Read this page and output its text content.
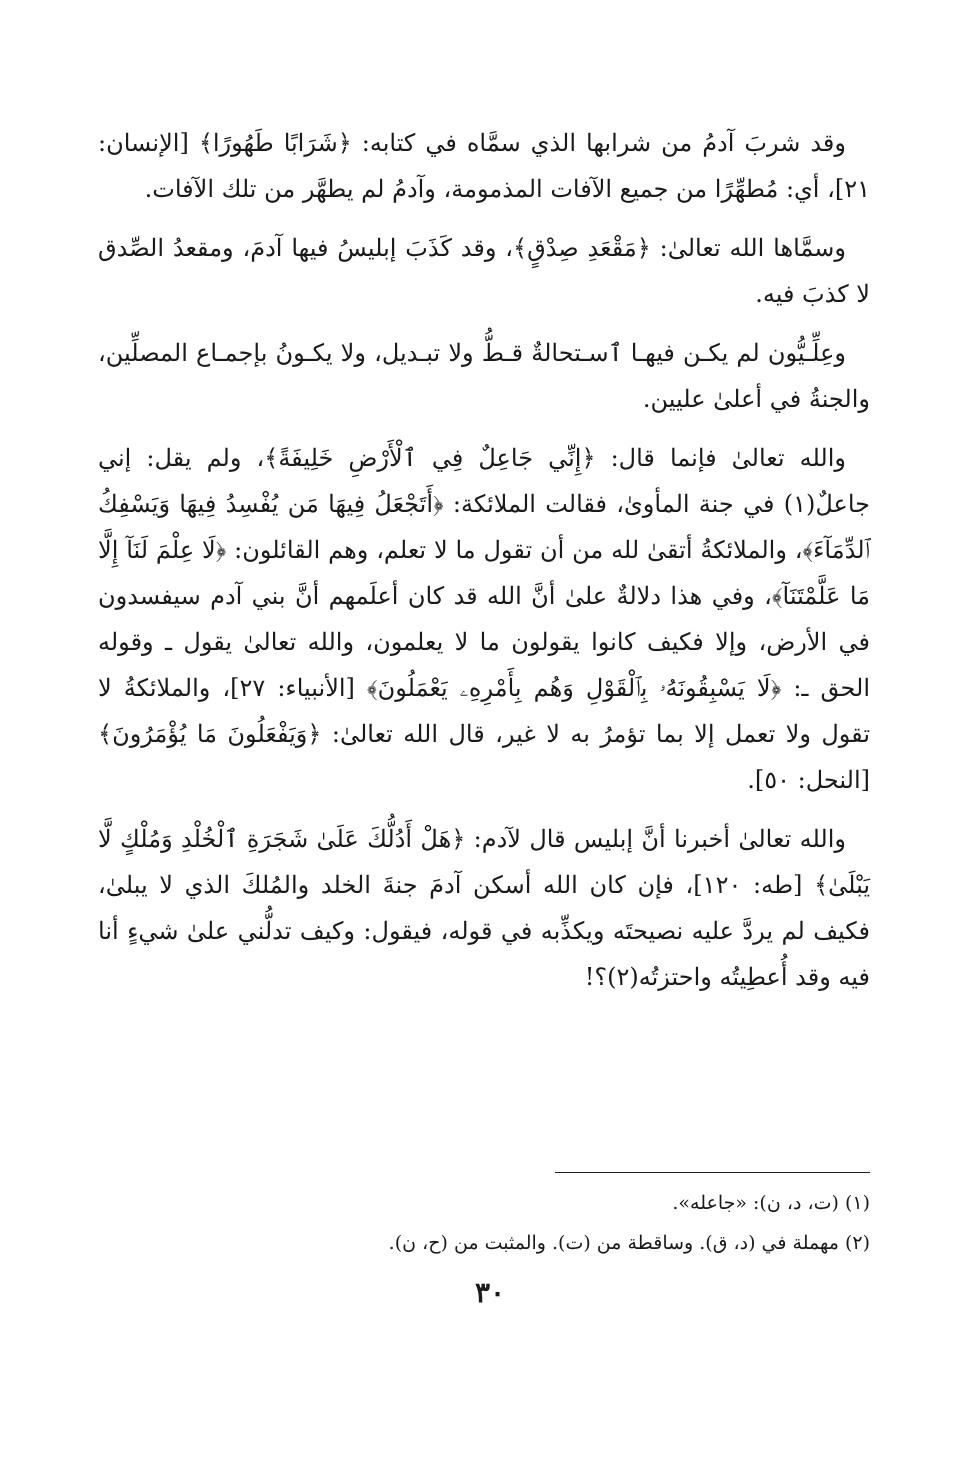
وقد شربَ آدمُ من شرابها الذي سمَّاه في كتابه: ﴿شَرَابًا طَهُورًا﴾ [الإنسان: ٢١]، أي: مُطهِّرًا من جميع الآفات المذمومة، وآدمُ لم يطهَّر من تلك الآفات.

وسمَّاها الله تعالىٰ: ﴿مَقْعَدِ صِدْقٍ﴾، وقد كَذَبَ إبليسُ فيها آدمَ، ومقعدُ الصِّدق لا كذبَ فيه.

وعِلِّـيُّون لم يكـن فيهـا ٱسـتحالةٌ قـطُّ ولا تبـديل، ولا يكـونُ بإجمـاع المصلِّين، والجنةُ في أعلىٰ عليين.

والله تعالىٰ فإنما قال: ﴿إِنِّي جَاعِلٌ فِي ٱلْأَرْضِ خَلِيفَةً﴾، ولم يقل: إني جاعلٌ(١) في جنة المأوىٰ، فقالت الملائكة: ﴿أَتَجْعَلُ فِيهَا مَن يُفْسِدُ فِيهَا وَيَسْفِكُ ٱلدِّمَآءَ﴾، والملائكةُ أتقىٰ لله من أن تقول ما لا تعلم، وهم القائلون: ﴿لَا عِلْمَ لَنَآ إِلَّا مَا عَلَّمْتَنَآ﴾، وفي هذا دلالةٌ علىٰ أنَّ الله قد كان أعلَمهم أنَّ بني آدم سيفسدون في الأرض، وإلا فكيف كانوا يقولون ما لا يعلمون، والله تعالىٰ يقول ـ وقوله الحق ـ: ﴿لَا يَسْبِقُونَهُۥ بِٱلْقَوْلِ وَهُم بِأَمْرِهِۦ يَعْمَلُونَ﴾ [الأنبياء: ٢٧]، والملائكةُ لا تقول ولا تعمل إلا بما تؤمرُ به لا غير، قال الله تعالىٰ: ﴿وَيَفْعَلُونَ مَا يُؤْمَرُونَ﴾ [النحل: ٥٠].

والله تعالىٰ أخبرنا أنَّ إبليس قال لآدم: ﴿هَلْ أَدُلُّكَ عَلَىٰ شَجَرَةِ ٱلْخُلْدِ وَمُلْكٍ لَّا يَبْلَىٰ﴾ [طه: ١٢٠]، فإن كان الله أسكن آدمَ جنةَ الخلد والمُلكَ الذي لا يبلىٰ، فكيف لم يردَّ عليه نصيحتَه ويكذِّبه في قوله، فيقول: وكيف تدلُّني علىٰ شيءٍ أنا فيه وقد أُعطِيتُه واحتزتُه(٢)؟!

(١) (ت، د، ن): «جاعله».

(٢) مهملة في (د، ق). وساقطة من (ت). والمثبت من (ح، ن).

٣٠
